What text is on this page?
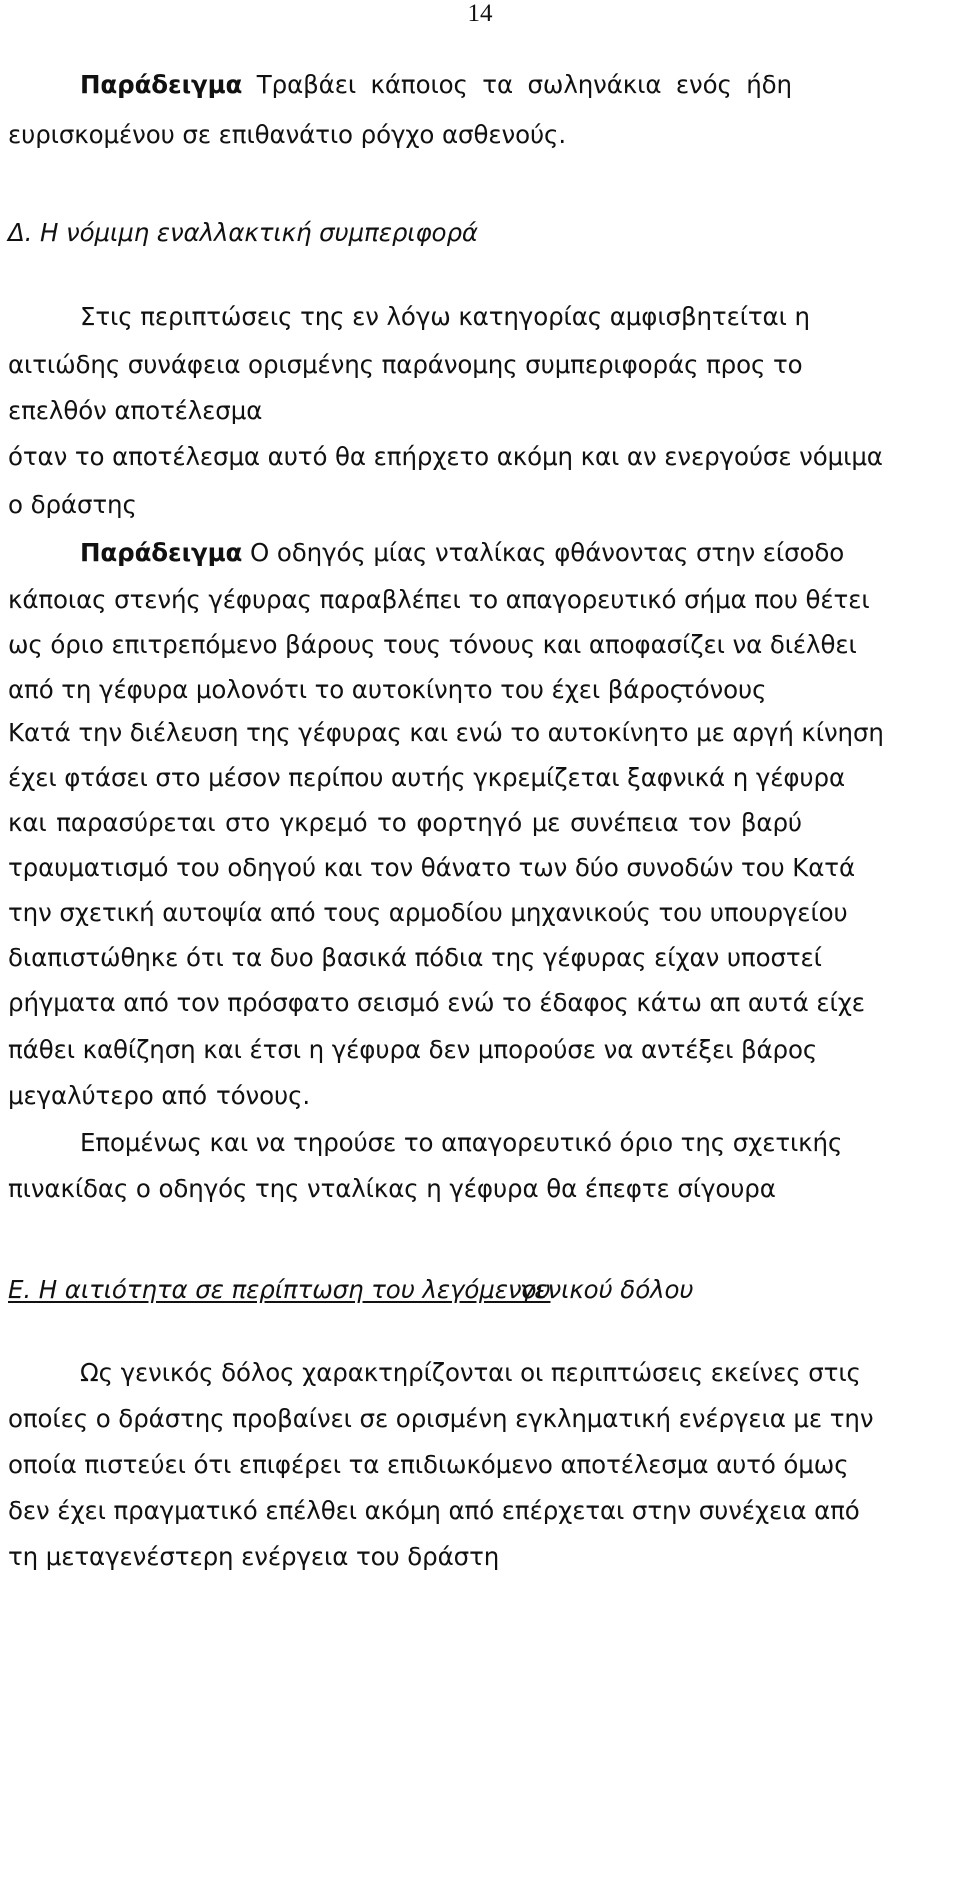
14
Παράδειγμα Τραβάει κάποιος τα σωληνάκια ενός ήδη
ευρισκομένου σε επιθανάτιο ρόγχο ασθενούς.
Δ. Η νόμιμη εναλλακτική συμπεριφορά
Στις περιπτώσεις της εν λόγω κατηγορίας αμφισβητείται η
αιτιώδης συνάφεια ορισμένης παράνομης συμπεριφοράς προς το
επελθόν αποτέλεσμα
όταν το αποτέλεσμα αυτό θα επήρχετο ακόμη και αν ενεργούσε νόμιμα
ο δράστης
Παράδειγμα Ο οδηγός μίας νταλίκας φθάνοντας στην είσοδο
κάποιας στενής γέφυρας παραβλέπει το απαγορευτικό σήμα που θέτει
ως όριο επιτρεπόμενο βάρους τους τόνους και αποφασίζει να διέλθει
από τη γέφυρα μολονότι το αυτοκίνητο του έχει βάρος
τόνους
Κατά την διέλευση της γέφυρας και ενώ το αυτοκίνητο με αργή κίνηση
έχει φτάσει στο μέσον περίπου αυτής γκρεμίζεται ξαφνικά η γέφυρα
και παρασύρεται στο γκρεμό το φορτηγό με συνέπεια τον βαρύ
τραυματισμό του οδηγού και τον θάνατο των δύο συνοδών του Κατά
την σχετική αυτοψία από τους αρμοδίου μηχανικούς του υπουργείου
διαπιστώθηκε ότι τα δυο βασικά πόδια της γέφυρας είχαν υποστεί
ρήγματα από τον πρόσφατο σεισμό ενώ το έδαφος κάτω απ αυτά είχε
πάθει καθίζηση και έτσι η γέφυρα δεν μπορούσε να αντέξει βάρος
μεγαλύτερο από τόνους.
Επομένως και να τηρούσε το απαγορευτικό όριο της σχετικής
πινακίδας ο οδηγός της νταλίκας η γέφυρα θα έπεφτε σίγουρα
Ε. Η αιτιότητα σε περίπτωση του λεγόμενου
γενικού δόλου
Ως γενικός δόλος χαρακτηρίζονται οι περιπτώσεις εκείνες στις
οποίες ο δράστης προβαίνει σε ορισμένη εγκληματική ενέργεια με την
οποία πιστεύει ότι επιφέρει τα επιδιωκόμενο αποτέλεσμα αυτό όμως
δεν έχει πραγματικό επέλθει ακόμη από επέρχεται στην συνέχεια από
τη μεταγενέστερη ενέργεια του δράστη
